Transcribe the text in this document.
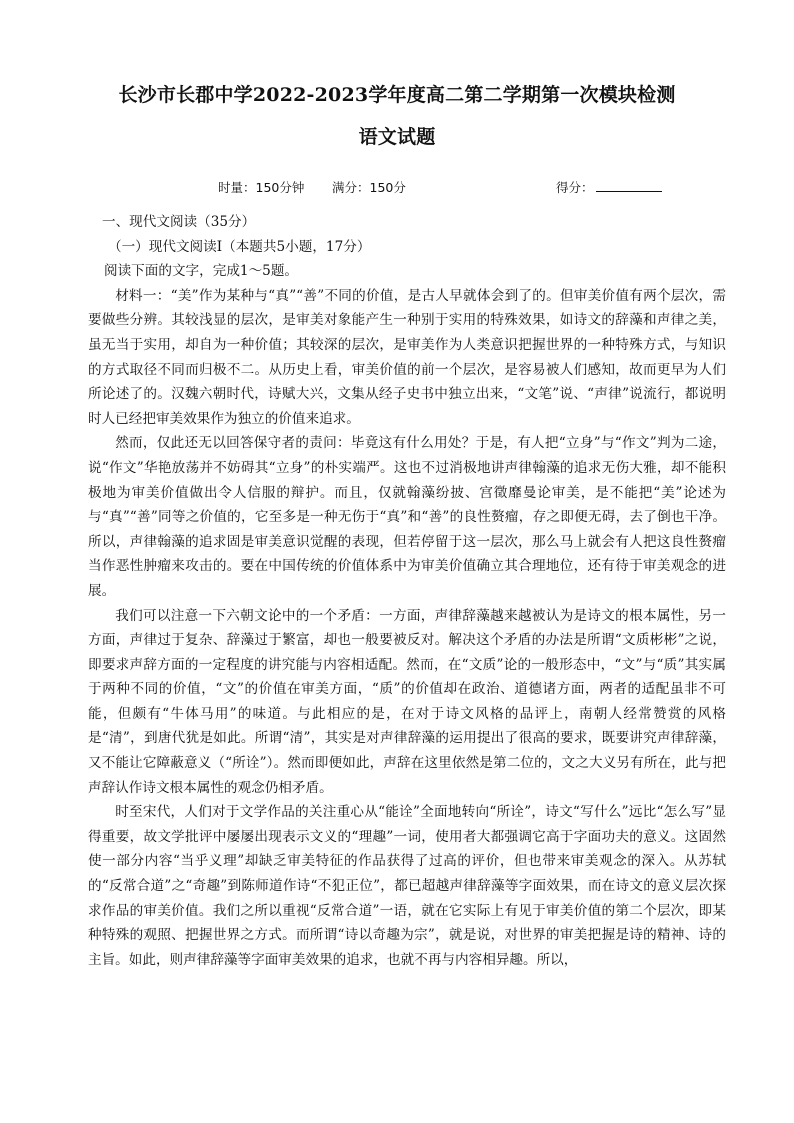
长沙市长郡中学2022-2023学年度高二第二学期第一次模块检测
语文试题
时量：150分钟 满分：150分	得分：

一、现代文阅读（35分）

（一）现代文阅读I（本题共5小题，17分）

阅读下面的文字，完成1～5题。

材料一：“美”作为某种与“真”“善”不同的价值，是古人早就体会到了的。但审美价值有两个层次，需要做些分辨。其较浅显的层次，是审美对象能产生一种别于实用的特殊效果，如诗文的辞藻和声律之美，虽无当于实用，却自为一种价值；其较深的层次，是审美作为人类意识把握世界的一种特殊方式，与知识的方式取径不同而归极不二。从历史上看，审美价值的前一个层次，是容易被人们感知，故而更早为人们所论述了的。汉魏六朝时代，诗赋大兴，文集从经子史书中独立出来，“文笔”说、“声律”说流行，都说明时人已经把审美效果作为独立的价值来追求。

然而，仅此还无以回答保守者的责问：毕竟这有什么用处？于是，有人把“立身”与“作文”判为二途，说“作文”华艳放荡并不妨碍其“立身”的朴实端严。这也不过消极地讲声律翰藻的追求无伤大雅，却不能积极地为审美价值做出令人信服的辩护。而且，仅就翰藻纷披、宫徵靡曼论审美，是不能把“美”论述为与“真”“善”同等之价值的，它至多是一种无伤于“真”和“善”的良性赘瘤，存之即便无碍，去了倒也干净。所以，声律翰藻的追求固是审美意识觉醒的表现，但若停留于这一层次，那么马上就会有人把这良性赘瘤当作恶性肿瘤来攻击的。要在中国传统的价值体系中为审美价值确立其合理地位，还有待于审美观念的进展。

我们可以注意一下六朝文论中的一个矛盾：一方面，声律辞藻越来越被认为是诗文的根本属性，另一方面，声律过于复杂、辞藻过于繁富，却也一般要被反对。解决这个矛盾的办法是所谓“文质彬彬”之说，即要求声辞方面的一定程度的讲究能与内容相适配。然而，在“文质”论的一般形态中，“文”与“质”其实属于两种不同的价值，“文”的价值在审美方面，“质”的价值却在政治、道德诸方面，两者的适配虽非不可能，但颇有“牛体马用”的味道。与此相应的是，在对于诗文风格的品评上，南朝人经常赞赏的风格是“清”，到唐代犹是如此。所谓“清”，其实是对声律辞藻的运用提出了很高的要求，既要讲究声律辞藻，又不能让它障蔽意义（“所诠”）。然而即便如此，声辞在这里依然是第二位的，文之大义另有所在，此与把声辞认作诗文根本属性的观念仍相矛盾。

时至宋代，人们对于文学作品的关注重心从“能诠”全面地转向“所诠”，诗文“写什么”远比“怎么写”显得重要，故文学批评中屡屡出现表示文义的“理趣”一词，使用者大都强调它高于字面功夫的意义。这固然使一部分内容“当乎义理”却缺乏审美特征的作品获得了过高的评价，但也带来审美观念的深入。从苏轼的“反常合道”之“奇趣”到陈师道作诗“不犯正位”，都已超越声律辞藻等字面效果，而在诗文的意义层次探求作品的审美价值。我们之所以重视“反常合道”一语，就在它实际上有见于审美价值的第二个层次，即某种特殊的观照、把握世界之方式。而所谓“诗以奇趣为宗”，就是说，对世界的审美把握是诗的精神、诗的主旨。如此，则声律辞藻等字面审美效果的追求，也就不再与内容相异趣。所以，
